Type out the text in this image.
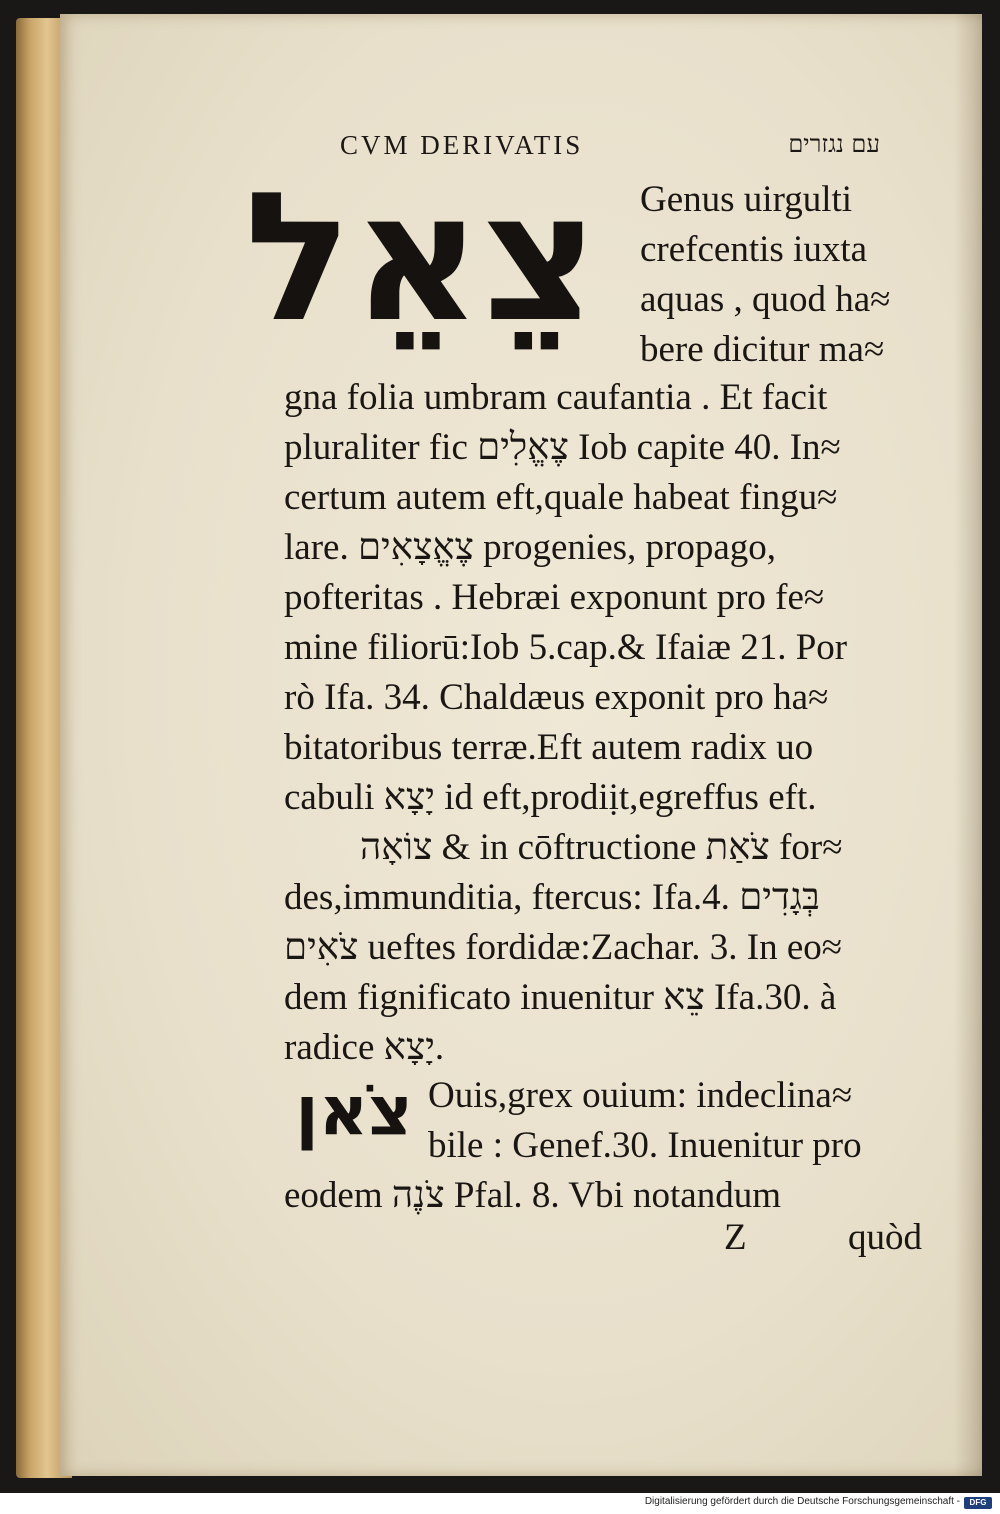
CVM DERIVATIS	עם נגזרים
צֵאֵל Genus uirgulti

crefcentis iuxta

aquas , quod ha≈

bere dicitur ma≈

gna folia umbram caufantia . Et facit

pluraliter fic צֶאֱלִים Iob capite 40. In≈

certum autem eft,quale habeat fingu≈

lare. צֶאֱצָאִים progenies, propago,

pofteritas . Hebræi exponunt pro fe≈

mine filiorū:Iob 5.cap.& Ifaiæ 21. Por

rò Ifa. 34. Chaldæus exponit pro ha≈

bitatoribus terræ.Eft autem radix uo

cabuli יָצָא id eft,prodiịt,egreffus eft.

צוֹאָה & in cōftructione צֹאַת for≈

des,immunditia, ftercus: Ifa.4. בְּגָדִים

צֹאִים ueftes fordidæ:Zachar. 3. In eo≈

dem fignificato inuenitur צֵא Ifa.30. à

radice יָצָא.

צֹאן Ouis,grex ouium: indeclina≈

bile : Genef.30. Inuenitur pro

eodem צֹנֶה Pfal. 8. Vbi notandum

Z	quòd
Digitalisierung gefördert durch die Deutsche Forschungsgemeinschaft -	DFG
